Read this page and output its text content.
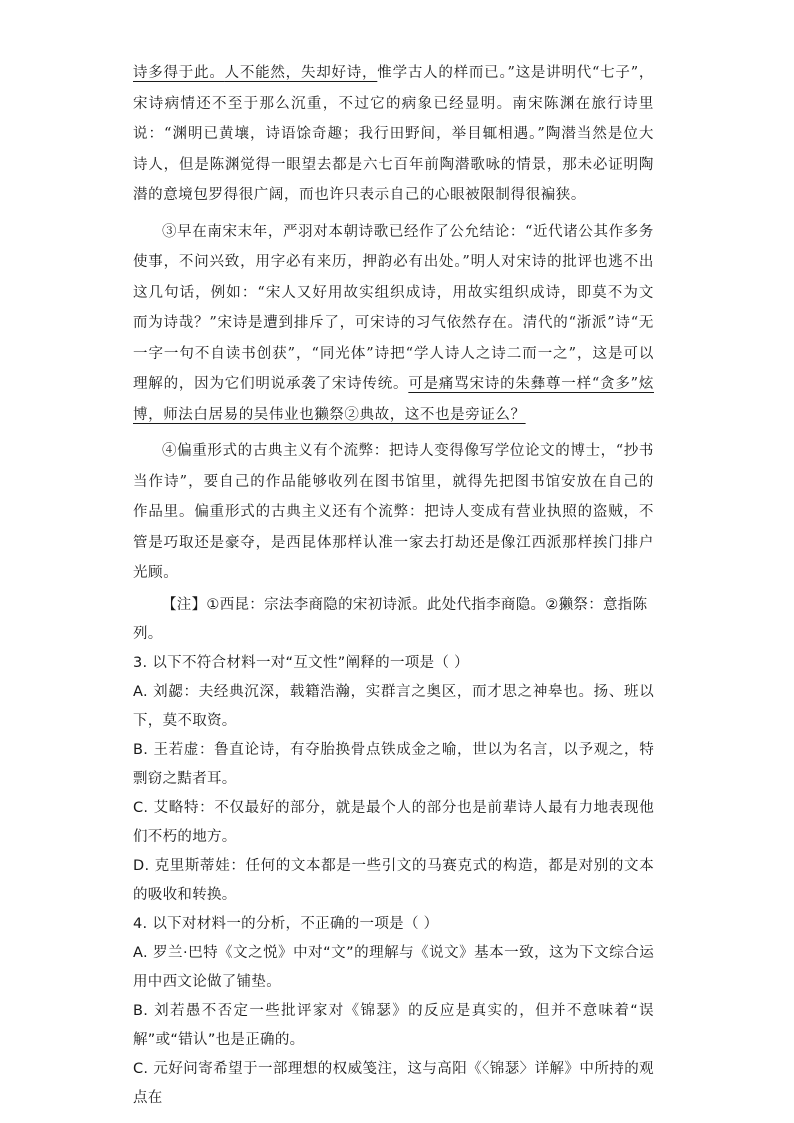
诗多得于此。人不能然，失却好诗，惟学古人的样而已。”这是讲明代“七子”，宋诗病情还不至于那么沉重，不过它的病象已经显明。南宋陈渊在旅行诗里说：“渊明已黄壤，诗语馀奇趣；我行田野间，举目辄相遇。”陶潜当然是位大诗人，但是陈渊觉得一眼望去都是六七百年前陶潜歌咏的情景，那未必证明陶潜的意境包罗得很广阔，而也许只表示自己的心眼被限制得很褊狭。

③早在南宋末年，严羽对本朝诗歌已经作了公允结论：“近代诸公其作多务使事，不问兴致，用字必有来历，押韵必有出处。”明人对宋诗的批评也逃不出这几句话，例如：“宋人又好用故实组织成诗，用故实组织成诗，即莫不为文而为诗哉？”宋诗是遭到排斥了，可宋诗的习气依然存在。清代的“浙派”诗“无一字一句不自读书创获”，“同光体”诗把“学人诗人之诗二而一之”，这是可以理解的，因为它们明说承袭了宋诗传统。可是痛骂宋诗的朱彝尊一样“贪多”炫博，师法白居易的吴伟业也獭祭②典故，这不也是旁证么？

④偏重形式的古典主义有个流弊：把诗人变得像写学位论文的博士，“抄书当作诗”，要自己的作品能够收列在图书馆里，就得先把图书馆安放在自己的作品里。偏重形式的古典主义还有个流弊：把诗人变成有营业执照的盗贼，不管是巧取还是豪夺，是西昆体那样认准一家去打劫还是像江西派那样挨门排户光顾。

【注】①西昆：宗法李商隐的宋初诗派。此处代指李商隐。②獭祭：意指陈列。

3. 以下不符合材料一对“互文性”阐释的一项是（ ）

A. 刘勰：夫经典沉深，载籍浩瀚，实群言之奥区，而才思之神皋也。扬、班以下，莫不取资。

B. 王若虚：鲁直论诗，有夺胎换骨点铁成金之喻，世以为名言，以予观之，特剽窃之黠者耳。

C. 艾略特：不仅最好的部分，就是最个人的部分也是前辈诗人最有力地表现他们不朽的地方。

D. 克里斯蒂娃：任何的文本都是一些引文的马赛克式的构造，都是对别的文本的吸收和转换。

4. 以下对材料一的分析，不正确的一项是（ ）

A. 罗兰·巴特《文之悦》中对“文”的理解与《说文》基本一致，这为下文综合运用中西文论做了铺垫。

B. 刘若愚不否定一些批评家对《锦瑟》的反应是真实的，但并不意味着“误解”或“错认”也是正确的。

C. 元好问寄希望于一部理想的权威笺注，这与高阳《〈锦瑟〉详解》中所持的观点在
